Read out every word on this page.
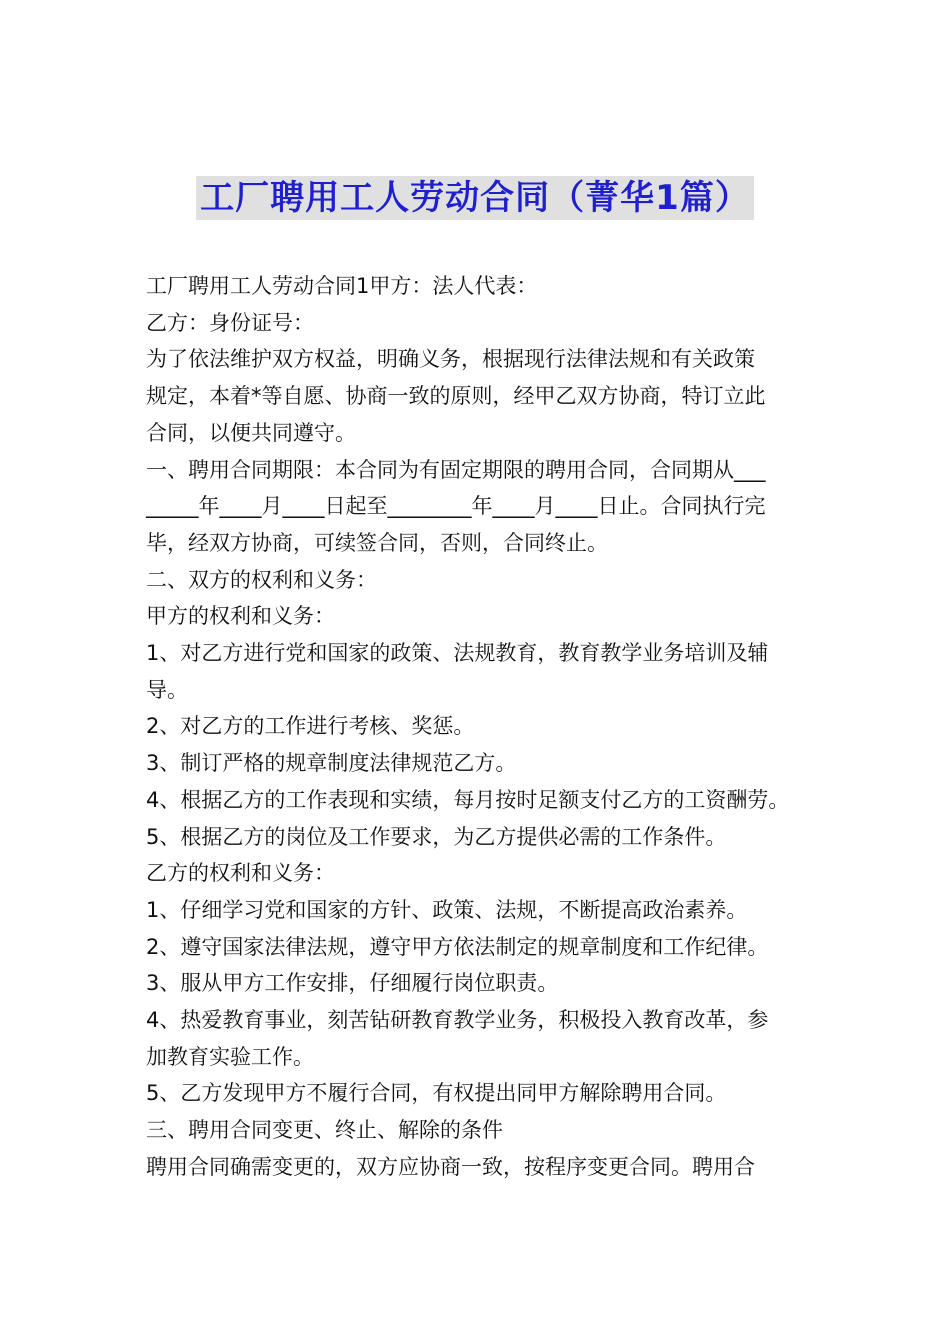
工厂聘用工人劳动合同（菁华1篇）

工厂聘用工人劳动合同1甲方：法人代表：

乙方：身份证号：

为了依法维护双方权益，明确义务，根据现行法律法规和有关政策

规定，本着*等自愿、协商一致的原则，经甲乙双方协商，特订立此

合同，以便共同遵守。

一、聘用合同期限：本合同为有固定期限的聘用合同，合同期从___

_____年____月____日起至________年____月____日止。合同执行完

毕，经双方协商，可续签合同，否则，合同终止。

二、双方的权利和义务：

甲方的权利和义务：

1、对乙方进行党和国家的政策、法规教育，教育教学业务培训及辅

导。

2、对乙方的工作进行考核、奖惩。

3、制订严格的规章制度法律规范乙方。

4、根据乙方的工作表现和实绩，每月按时足额支付乙方的工资酬劳。

5、根据乙方的岗位及工作要求，为乙方提供必需的工作条件。

乙方的权利和义务：

1、仔细学习党和国家的方针、政策、法规，不断提高政治素养。

2、遵守国家法律法规，遵守甲方依法制定的规章制度和工作纪律。

3、服从甲方工作安排，仔细履行岗位职责。

4、热爱教育事业，刻苦钻研教育教学业务，积极投入教育改革，参

加教育实验工作。

5、乙方发现甲方不履行合同，有权提出同甲方解除聘用合同。

三、聘用合同变更、终止、解除的条件

聘用合同确需变更的，双方应协商一致，按程序变更合同。聘用合
